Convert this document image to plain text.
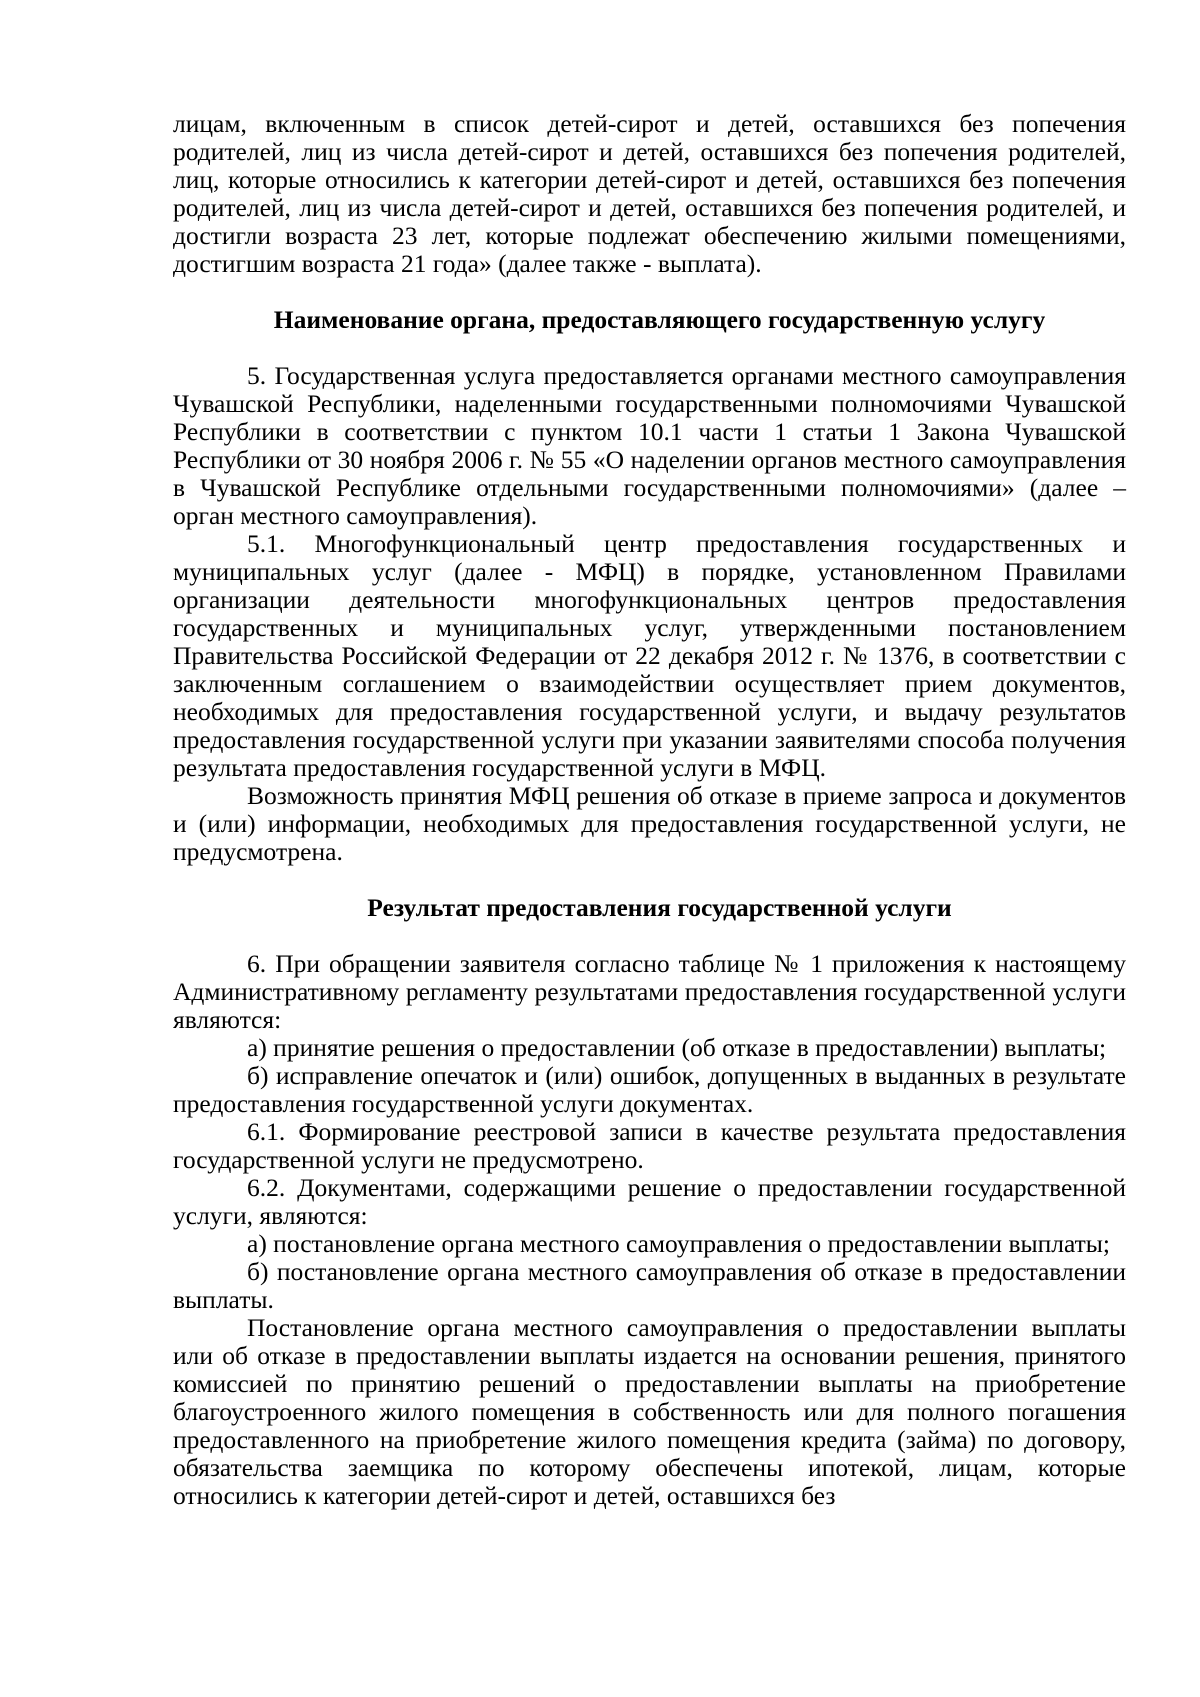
лицам, включенным в список детей-сирот и детей, оставшихся без попечения родителей, лиц из числа детей-сирот и детей, оставшихся без попечения родителей, лиц, которые относились к категории детей-сирот и детей, оставшихся без попечения родителей, лиц из числа детей-сирот и детей, оставшихся без попечения родителей, и достигли возраста 23 лет, которые подлежат обеспечению жилыми помещениями, достигшим возраста 21 года» (далее также - выплата).

Наименование органа, предоставляющего государственную услугу

5. Государственная услуга предоставляется органами местного самоуправления Чувашской Республики, наделенными государственными полномочиями Чувашской Республики в соответствии с пунктом 10.1 части 1 статьи 1 Закона Чувашской Республики от 30 ноября 2006 г. № 55 «О наделении органов местного самоуправления в Чувашской Республике отдельными государственными полномочиями» (далее – орган местного самоуправления).

5.1. Многофункциональный центр предоставления государственных и муниципальных услуг (далее - МФЦ) в порядке, установленном Правилами организации деятельности многофункциональных центров предоставления государственных и муниципальных услуг, утвержденными постановлением Правительства Российской Федерации от 22 декабря 2012 г. № 1376, в соответствии с заключенным соглашением о взаимодействии осуществляет прием документов, необходимых для предоставления государственной услуги, и выдачу результатов предоставления государственной услуги при указании заявителями способа получения результата предоставления государственной услуги в МФЦ.

Возможность принятия МФЦ решения об отказе в приеме запроса и документов и (или) информации, необходимых для предоставления государственной услуги, не предусмотрена.

Результат предоставления государственной услуги

6. При обращении заявителя согласно таблице № 1 приложения к настоящему Административному регламенту результатами предоставления государственной услуги являются:

а) принятие решения о предоставлении (об отказе в предоставлении) выплаты;

б) исправление опечаток и (или) ошибок, допущенных в выданных в результате предоставления государственной услуги документах.

6.1. Формирование реестровой записи в качестве результата предоставления государственной услуги не предусмотрено.

6.2. Документами, содержащими решение о предоставлении государственной услуги, являются:

а) постановление органа местного самоуправления о предоставлении выплаты;

б) постановление органа местного самоуправления об отказе в предоставлении выплаты.

Постановление органа местного самоуправления о предоставлении выплаты или об отказе в предоставлении выплаты издается на основании решения, принятого комиссией по принятию решений о предоставлении выплаты на приобретение благоустроенного жилого помещения в собственность или для полного погашения предоставленного на приобретение жилого помещения кредита (займа) по договору, обязательства заемщика по которому обеспечены ипотекой, лицам, которые относились к категории детей-сирот и детей, оставшихся без
